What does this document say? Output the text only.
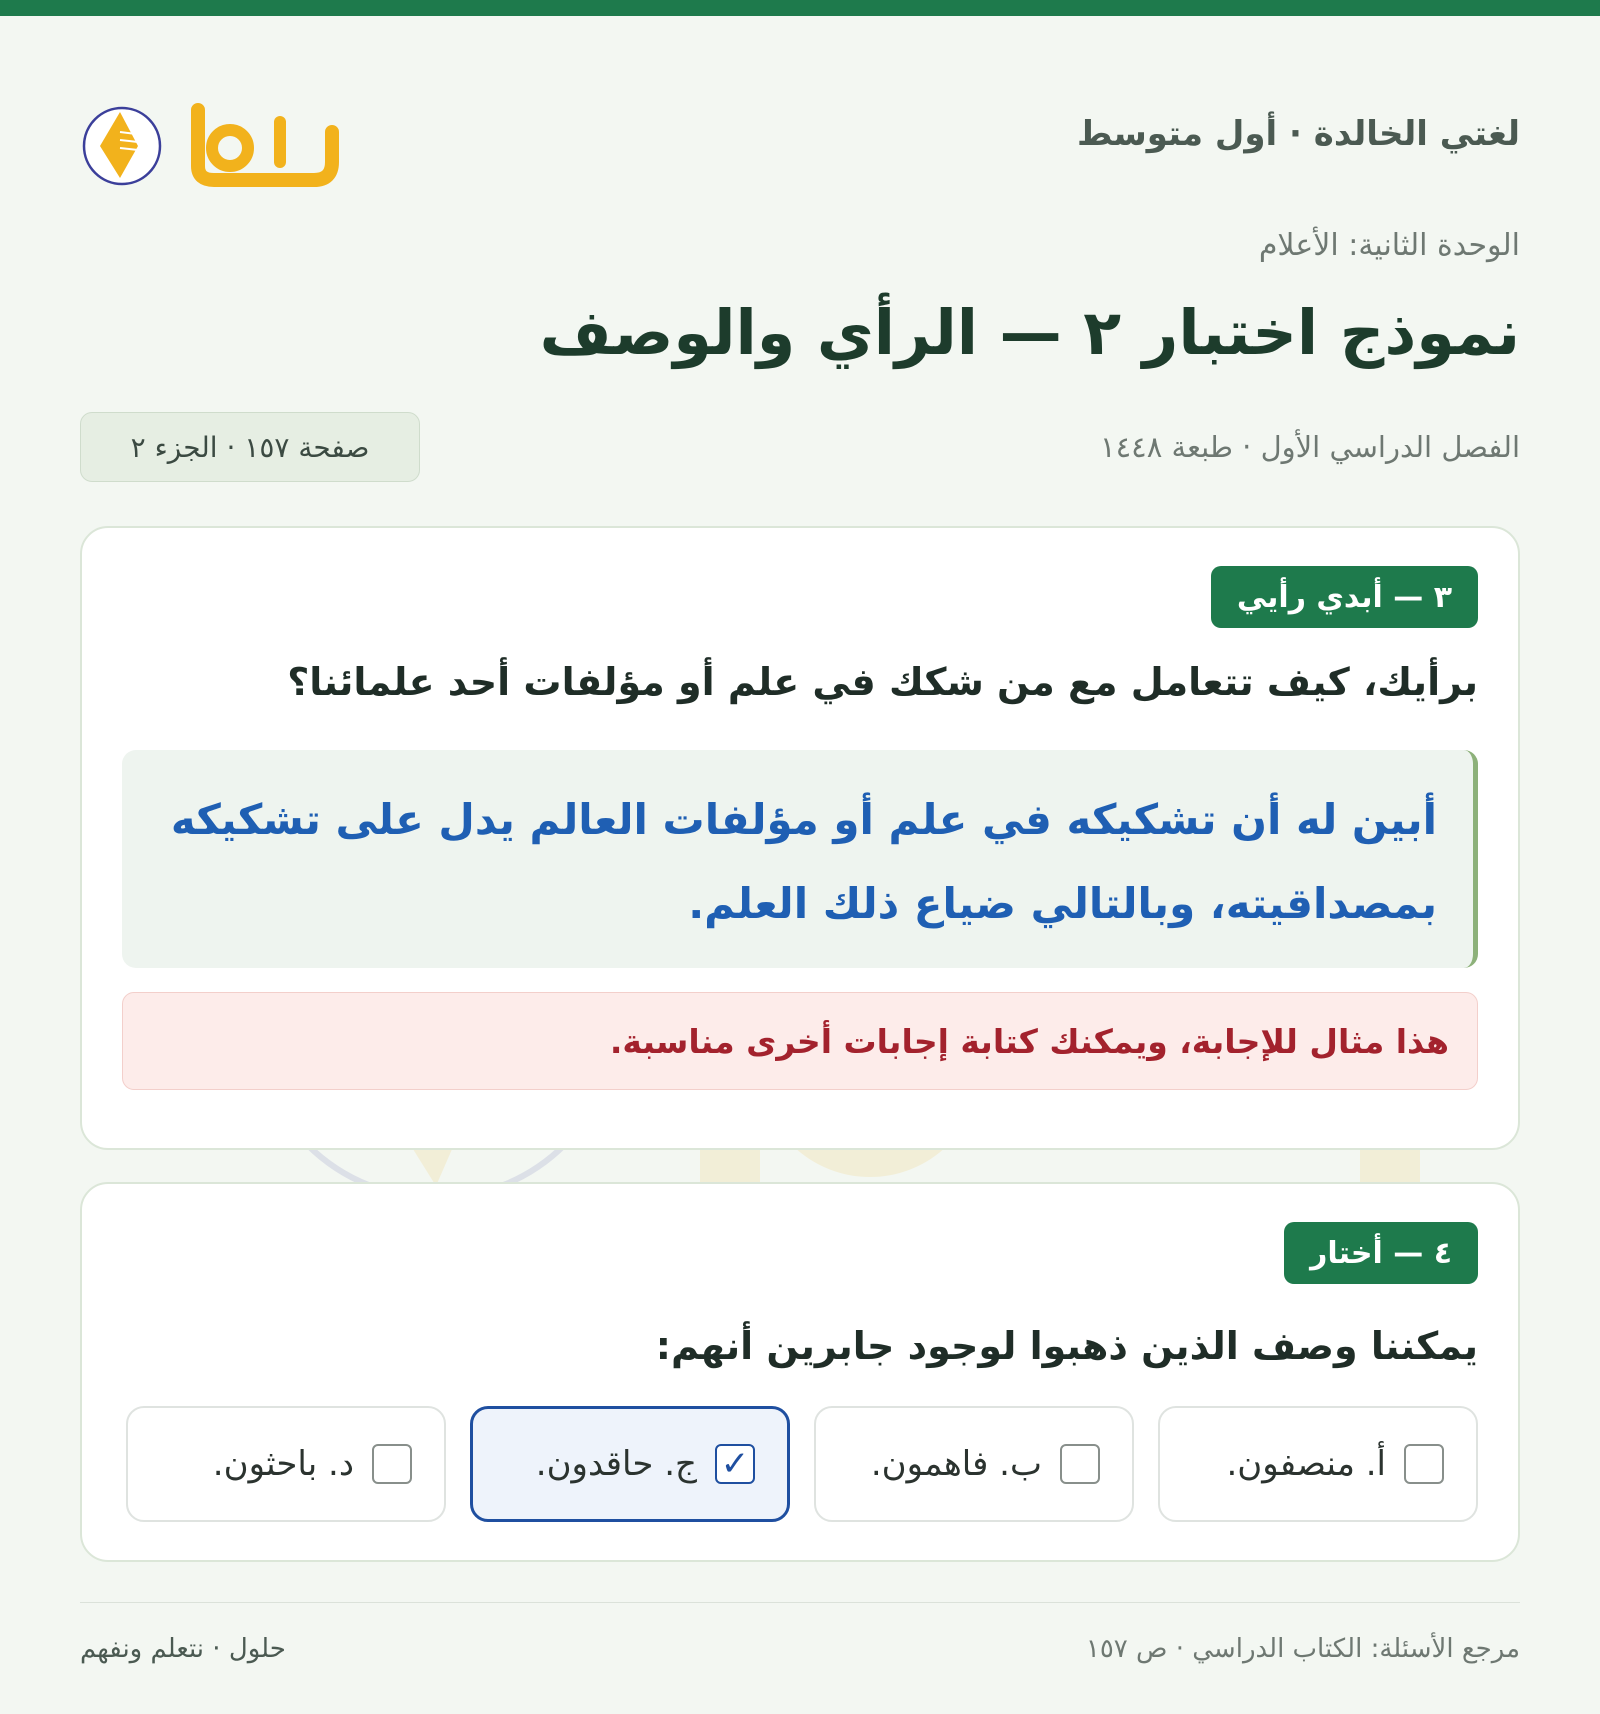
لغتي الخالدة · أول متوسط
الوحدة الثانية: الأعلام
نموذج اختبار ٢ — الرأي والوصف
الفصل الدراسي الأول · طبعة ١٤٤٨
صفحة ١٥٧ · الجزء ٢
٣ — أبدي رأيي
برأيك، كيف تتعامل مع من شكك في علم أو مؤلفات أحد علمائنا؟
أبين له أن تشكيكه في علم أو مؤلفات العالم يدل على تشكيكه بمصداقيته، وبالتالي ضياع ذلك العلم.
هذا مثال للإجابة، ويمكنك كتابة إجابات أخرى مناسبة.
٤ — أختار
يمكننا وصف الذين ذهبوا لوجود جابرين أنهم:
أ. منصفون.
ب. فاهمون.
✓
ج. حاقدون.
د. باحثون.
مرجع الأسئلة: الكتاب الدراسي · ص ١٥٧
حلول · نتعلم ونفهم
